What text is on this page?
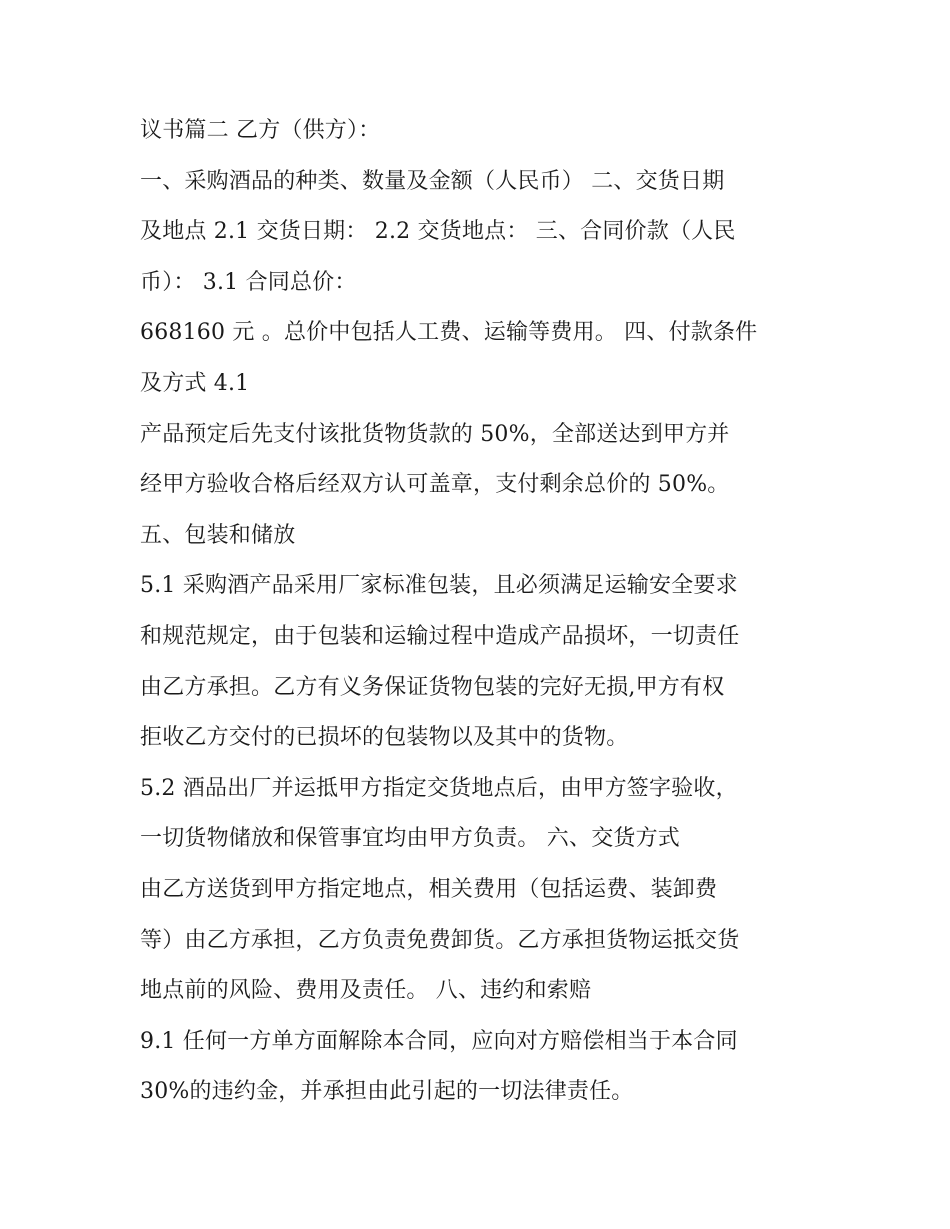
议书篇二 乙方（供方）：
一、采购酒品的种类、数量及金额（人民币） 二、交货日期
及地点 2.1 交货日期： 2.2 交货地点： 三、合同价款（人民
币）： 3.1 合同总价：
668160 元 。总价中包括人工费、运输等费用。 四、付款条件
及方式 4.1
产品预定后先支付该批货物货款的 50%，全部送达到甲方并
经甲方验收合格后经双方认可盖章，支付剩余总价的 50%。
五、包装和储放
5.1 采购酒产品采用厂家标准包装，且必须满足运输安全要求
和规范规定，由于包装和运输过程中造成产品损坏，一切责任
由乙方承担。乙方有义务保证货物包装的完好无损,甲方有权
拒收乙方交付的已损坏的包装物以及其中的货物。
5.2 酒品出厂并运抵甲方指定交货地点后，由甲方签字验收，
一切货物储放和保管事宜均由甲方负责。 六、交货方式
由乙方送货到甲方指定地点，相关费用（包括运费、装卸费
等）由乙方承担，乙方负责免费卸货。乙方承担货物运抵交货
地点前的风险、费用及责任。 八、违约和索赔
9.1 任何一方单方面解除本合同，应向对方赔偿相当于本合同
30%的违约金，并承担由此引起的一切法律责任。
